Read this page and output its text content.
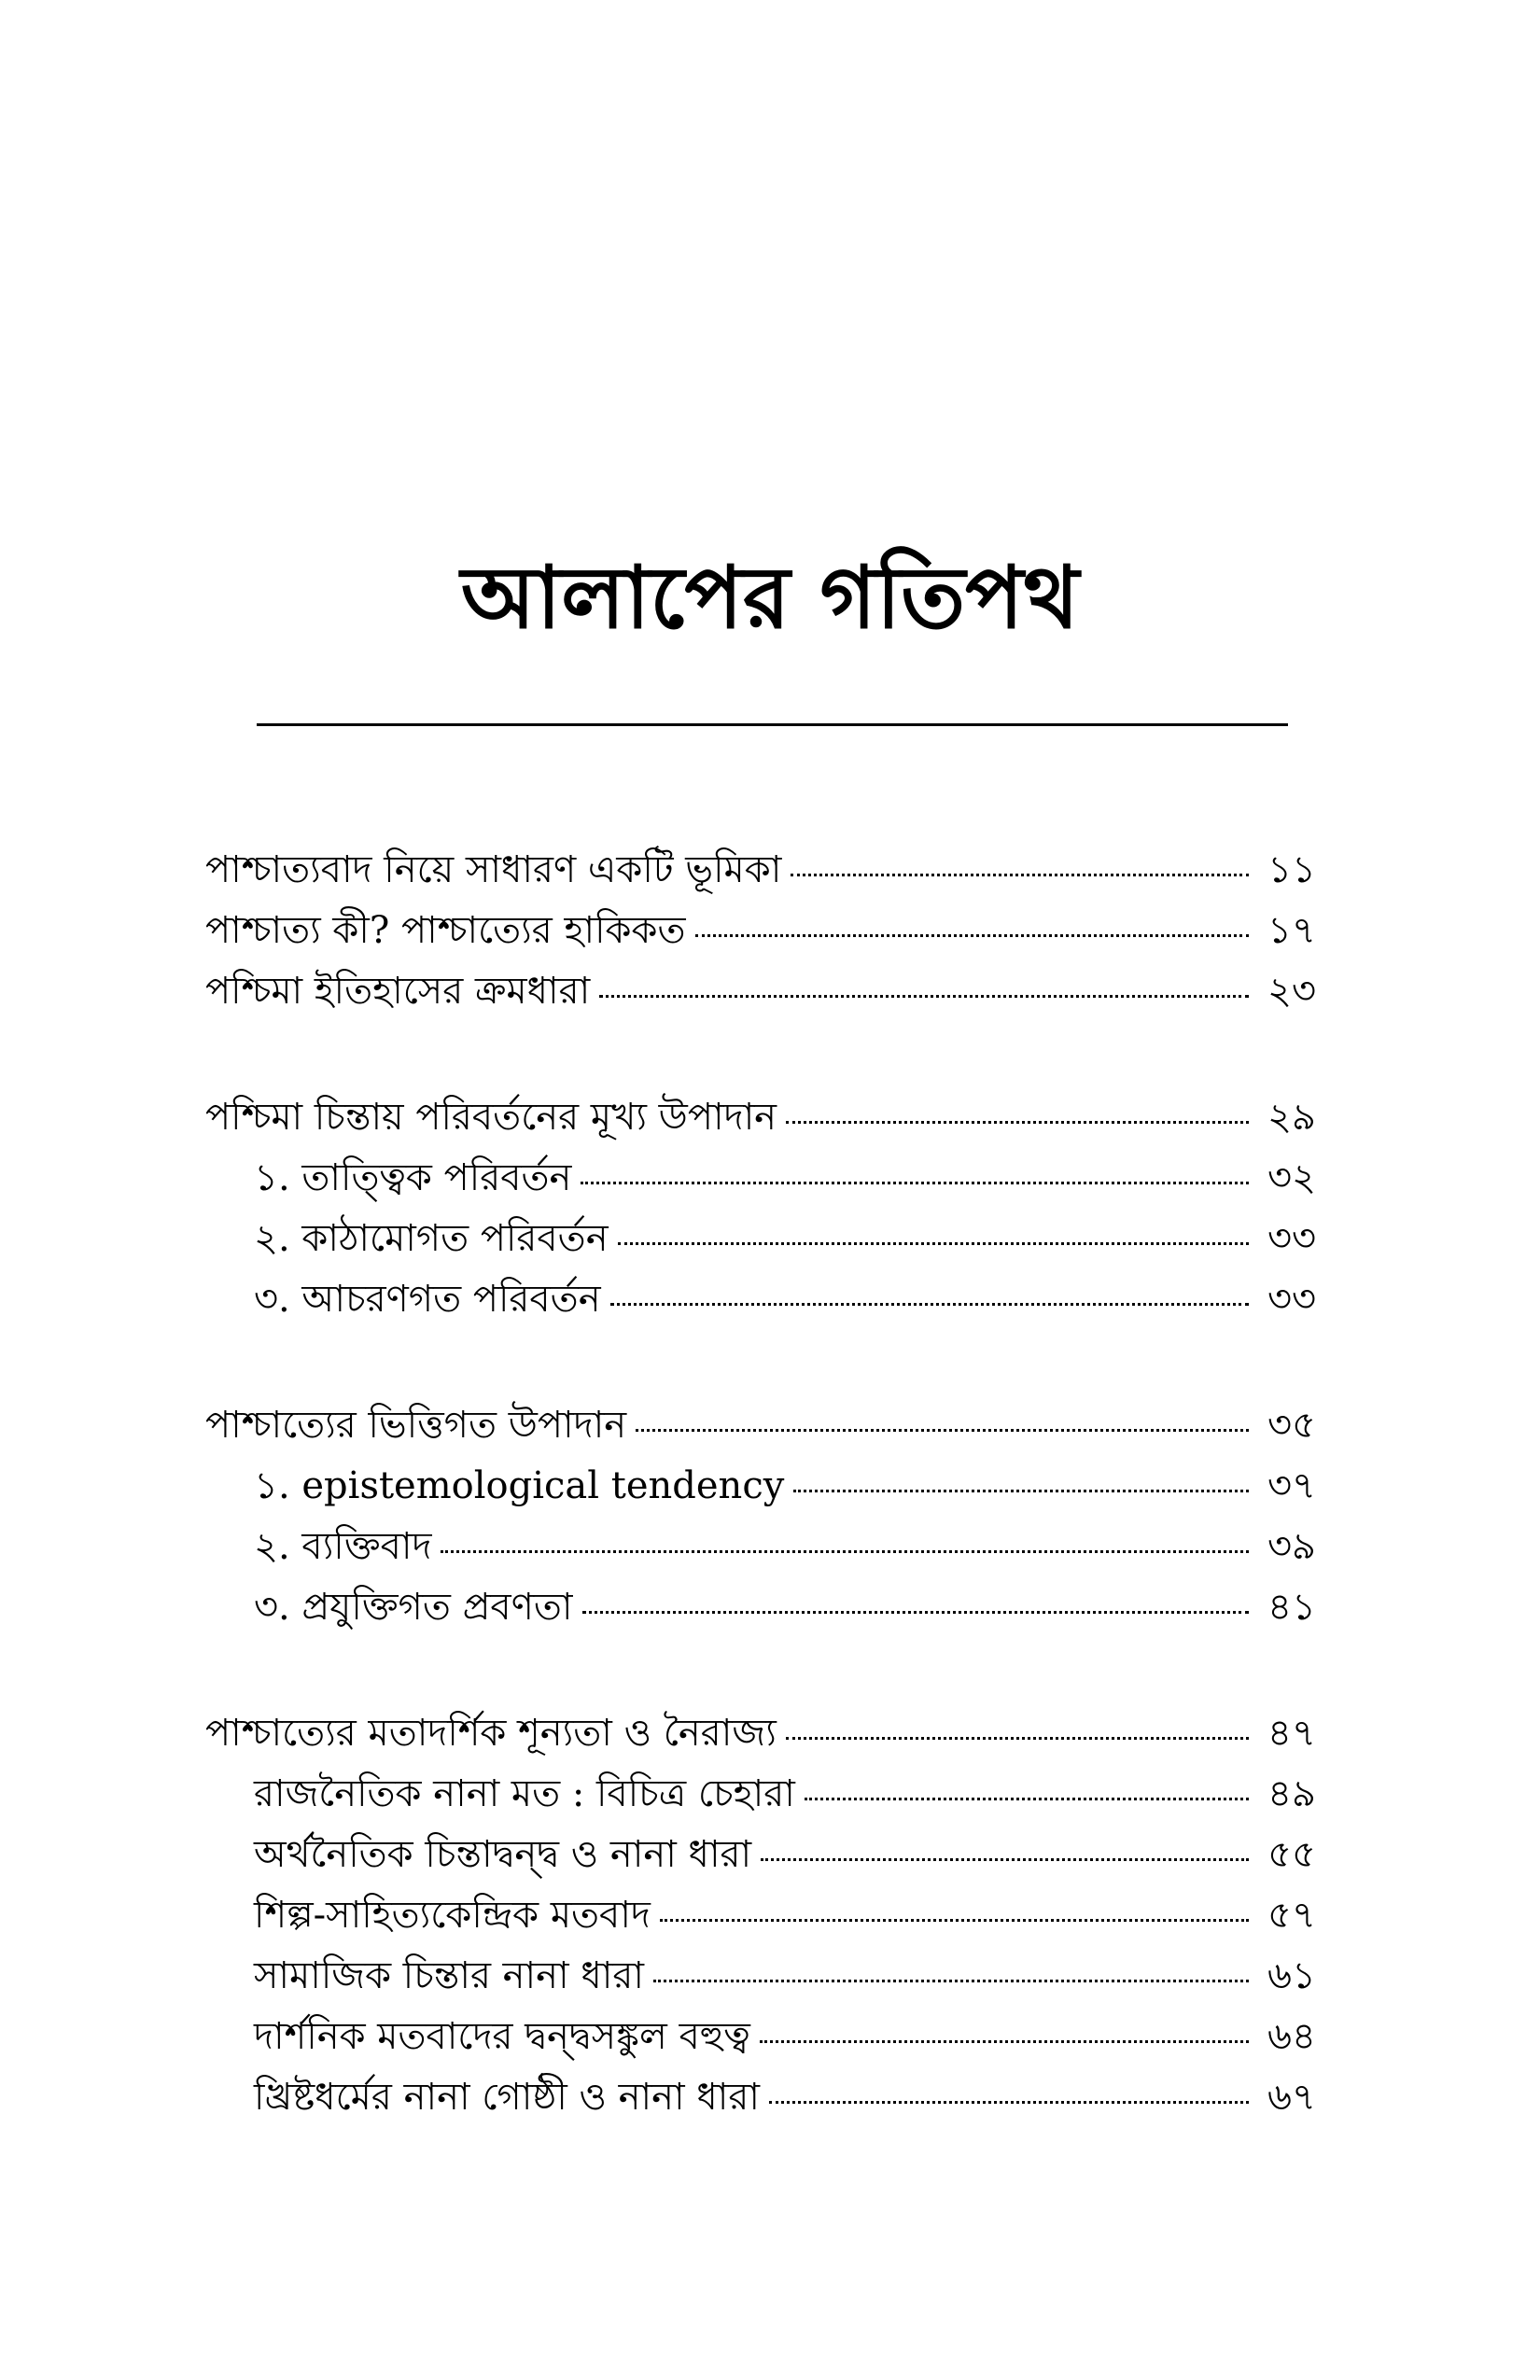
আলাপের গতিপথ
পাশ্চাত্যবাদ নিয়ে সাধারণ একটি ভূমিকা	১১
পাশ্চাত্য কী? পাশ্চাত্যের হাকিকত	১৭
পশ্চিমা ইতিহাসের ক্রমধারা	২৩
পশ্চিমা চিন্তায় পরিবর্তনের মূখ্য উপাদান	২৯
১. তাত্ত্বিক পরিবর্তন	৩২
২. কাঠামোগত পরিবর্তন	৩৩
৩. আচরণগত পরিবর্তন	৩৩
পাশ্চাত্যের ভিত্তিগত উপাদান	৩৫
১. epistemological tendency	৩৭
২. ব্যক্তিবাদ	৩৯
৩. প্রযুক্তিগত প্রবণতা	৪১
পাশ্চাত্যের মতাদর্শিক শূন্যতা ও নৈরাজ্য	৪৭
রাজনৈতিক নানা মত : বিচিত্র চেহারা	৪৯
অর্থনৈতিক চিন্তাদ্বন্দ্ব ও নানা ধারা	৫৫
শিল্প-সাহিত্যকেন্দ্রিক মতবাদ	৫৭
সামাজিক চিন্তার নানা ধারা	৬১
দার্শনিক মতবাদের দ্বন্দ্বসঙ্কুল বহুত্ব	৬৪
খ্রিষ্টধর্মের নানা গোষ্ঠী ও নানা ধারা	৬৭
